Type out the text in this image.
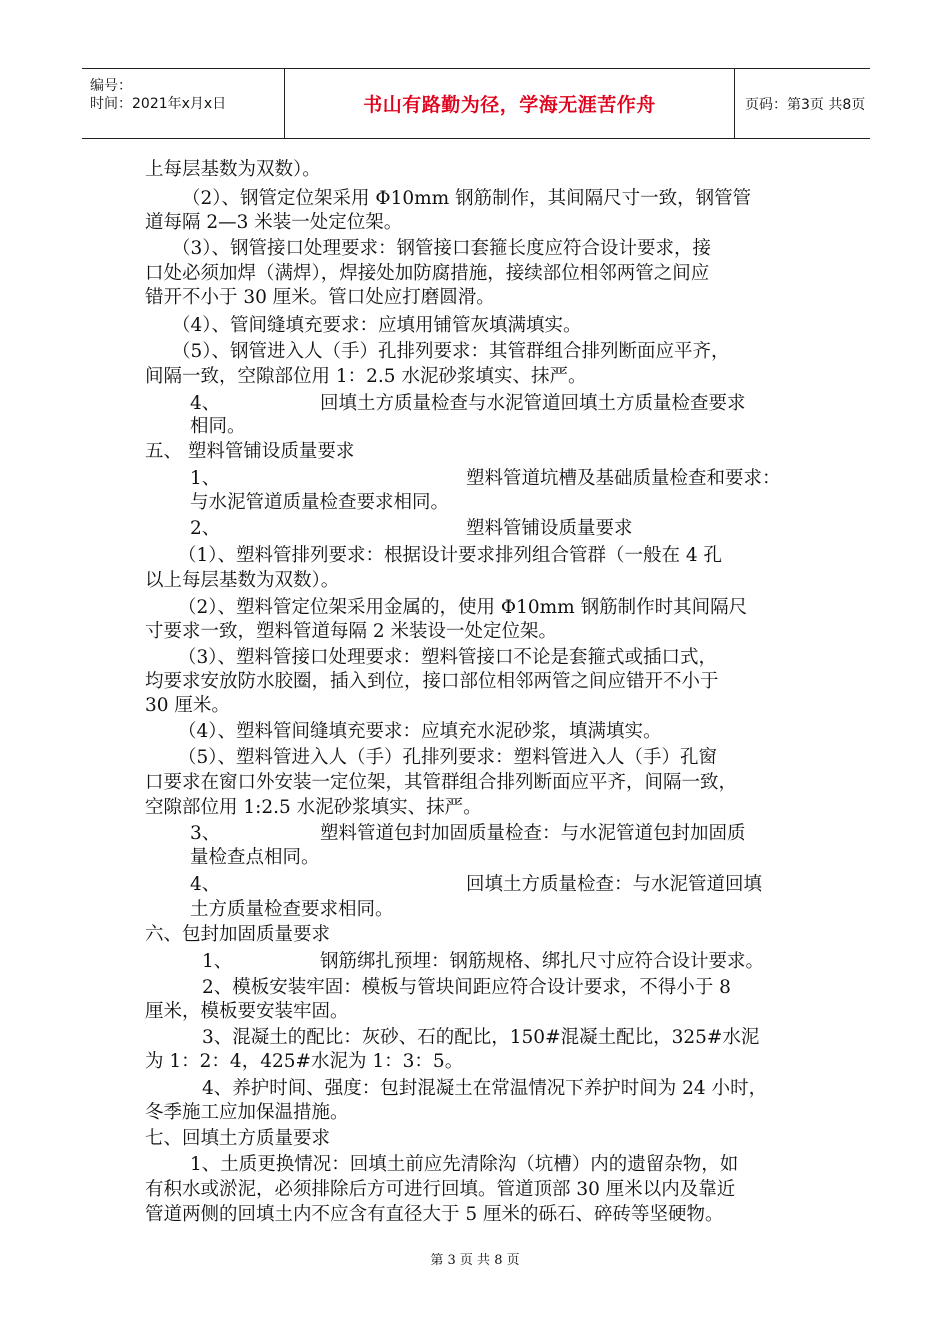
编号：
时间：2021年x月x日	书山有路勤为径，学海无涯苦作舟	页码：第3页 共8页
上每层基数为双数）。
（2）、钢管定位架采用 Φ10mm 钢筋制作，其间隔尺寸一致，钢管管
道每隔 2—3 米装一处定位架。
（3）、钢管接口处理要求：钢管接口套箍长度应符合设计要求，接
口处必须加焊（满焊），焊接处加防腐措施，接续部位相邻两管之间应
错开不小于 30 厘米。管口处应打磨圆滑。
（4）、管间缝填充要求：应填用铺管灰填满填实。
（5）、钢管进入人（手）孔排列要求：其管群组合排列断面应平齐，
间隔一致，空隙部位用 1：2.5 水泥砂浆填实、抹严。
4、	回填土方质量检查与水泥管道回填土方质量检查要求
相同。
五、 塑料管铺设质量要求
1、	塑料管道坑槽及基础质量检查和要求：
与水泥管道质量检查要求相同。
2、	塑料管铺设质量要求
（1）、塑料管排列要求：根据设计要求排列组合管群（一般在 4 孔
以上每层基数为双数）。
（2）、塑料管定位架采用金属的，使用 Φ10mm 钢筋制作时其间隔尺
寸要求一致，塑料管道每隔 2 米装设一处定位架。
（3）、塑料管接口处理要求：塑料管接口不论是套箍式或插口式，
均要求安放防水胶圈，插入到位，接口部位相邻两管之间应错开不小于
30 厘米。
（4）、塑料管间缝填充要求：应填充水泥砂浆，填满填实。
（5）、塑料管进入人（手）孔排列要求：塑料管进入人（手）孔窗
口要求在窗口外安装一定位架，其管群组合排列断面应平齐，间隔一致，
空隙部位用 1:2.5 水泥砂浆填实、抹严。
3、	塑料管道包封加固质量检查：与水泥管道包封加固质
量检查点相同。
4、	回填土方质量检查：与水泥管道回填
土方质量检查要求相同。
六、包封加固质量要求
1、	钢筋绑扎预埋：钢筋规格、绑扎尺寸应符合设计要求。
2、模板安装牢固：模板与管块间距应符合设计要求，不得小于 8
厘米，模板要安装牢固。
3、混凝土的配比：灰砂、石的配比，150#混凝土配比，325#水泥
为 1：2：4，425#水泥为 1：3：5。
4、养护时间、强度：包封混凝土在常温情况下养护时间为 24 小时，
冬季施工应加保温措施。
七、回填土方质量要求
1、土质更换情况：回填土前应先清除沟（坑槽）内的遗留杂物，如
有积水或淤泥，必须排除后方可进行回填。管道顶部 30 厘米以内及靠近
管道两侧的回填土内不应含有直径大于 5 厘米的砾石、碎砖等坚硬物。
第 3 页 共 8 页
